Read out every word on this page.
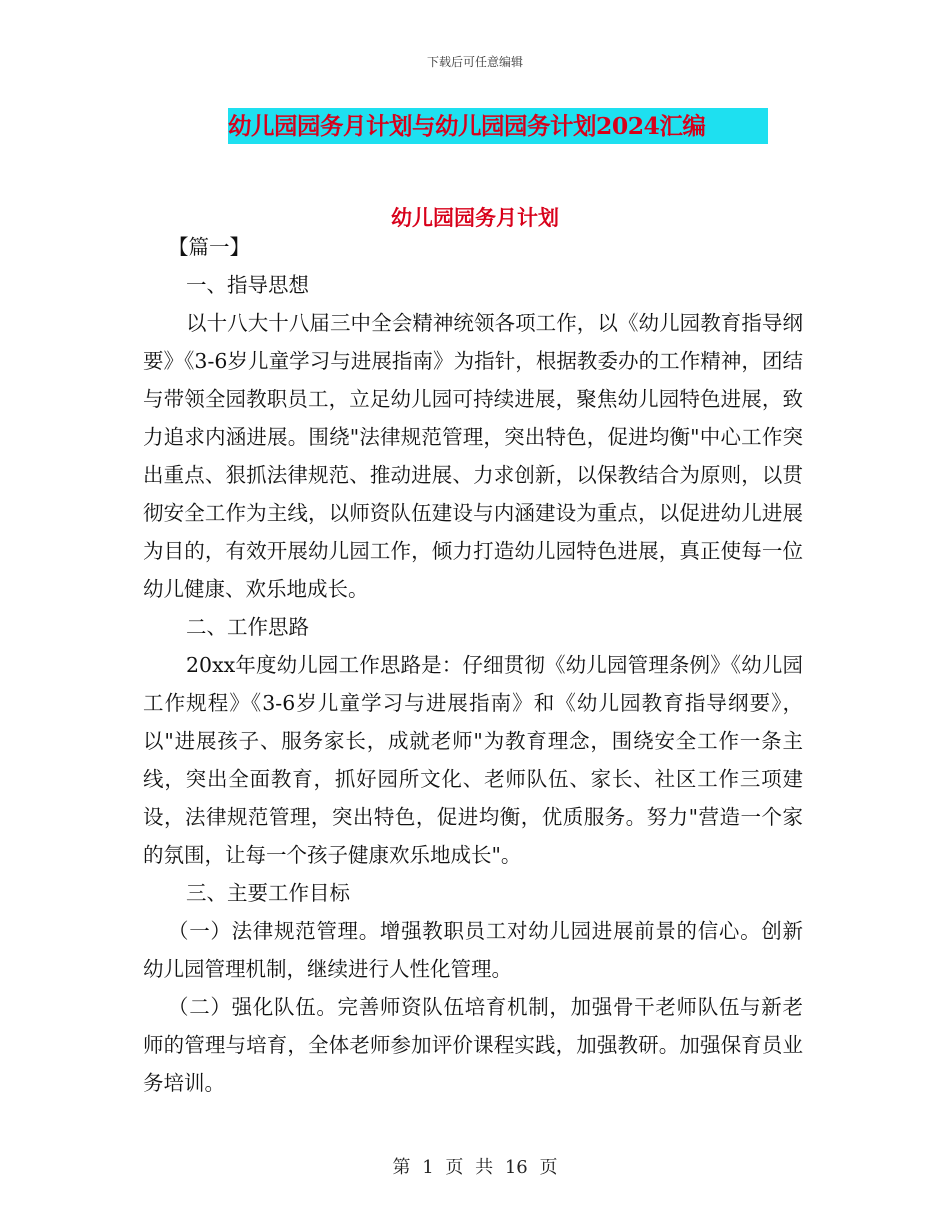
下载后可任意编辑
幼儿园园务月计划与幼儿园园务计划2024汇编
幼儿园园务月计划

【篇一】

一、指导思想

以十八大十八届三中全会精神统领各项工作，以《幼儿园教育指导纲要》《3-6岁儿童学习与进展指南》为指针，根据教委办的工作精神，团结与带领全园教职员工，立足幼儿园可持续进展，聚焦幼儿园特色进展，致力追求内涵进展。围绕"法律规范管理，突出特色，促进均衡"中心工作突出重点、狠抓法律规范、推动进展、力求创新，以保教结合为原则，以贯彻安全工作为主线，以师资队伍建设与内涵建设为重点，以促进幼儿进展为目的，有效开展幼儿园工作，倾力打造幼儿园特色进展，真正使每一位幼儿健康、欢乐地成长。

二、工作思路

20xx年度幼儿园工作思路是：仔细贯彻《幼儿园管理条例》《幼儿园工作规程》《3-6岁儿童学习与进展指南》和《幼儿园教育指导纲要》，以"进展孩子、服务家长，成就老师"为教育理念，围绕安全工作一条主线，突出全面教育，抓好园所文化、老师队伍、家长、社区工作三项建设，法律规范管理，突出特色，促进均衡，优质服务。努力"营造一个家的氛围，让每一个孩子健康欢乐地成长"。

三、主要工作目标

（一）法律规范管理。增强教职员工对幼儿园进展前景的信心。创新幼儿园管理机制，继续进行人性化管理。

（二）强化队伍。完善师资队伍培育机制，加强骨干老师队伍与新老师的管理与培育，全体老师参加评价课程实践，加强教研。加强保育员业务培训。

第 1 页 共 16 页
